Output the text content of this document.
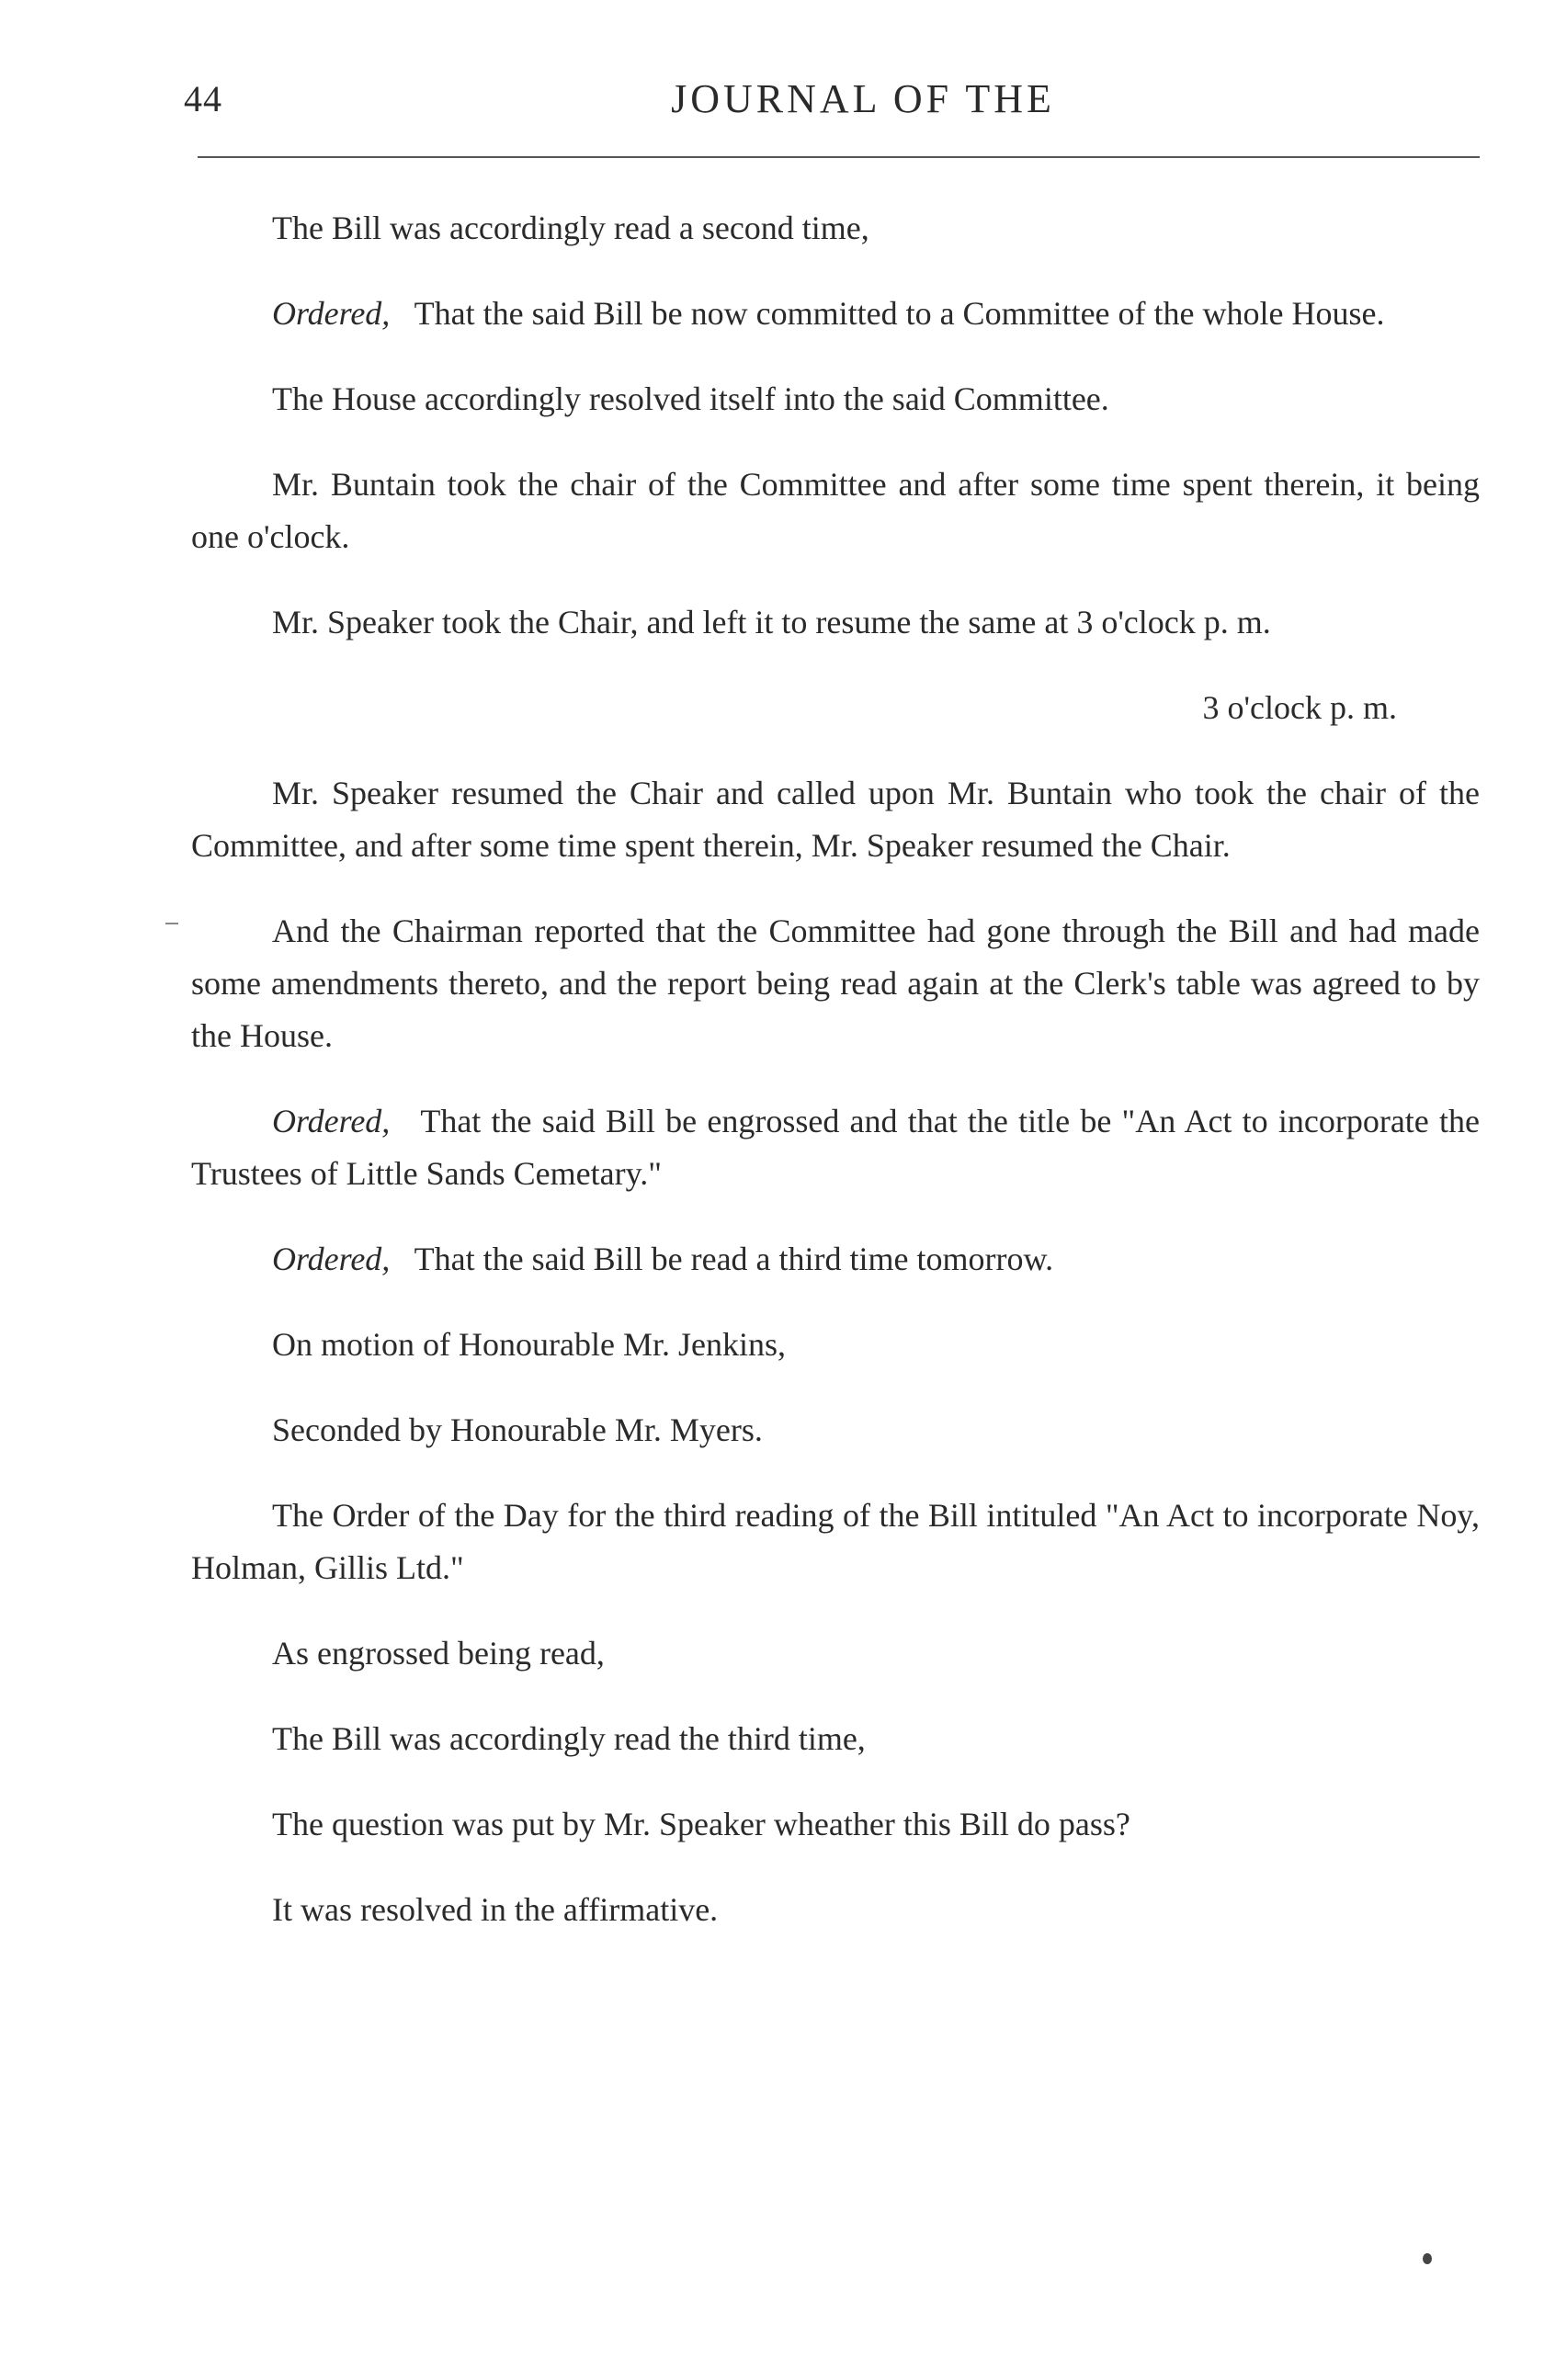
44	JOURNAL OF THE

The Bill was accordingly read a second time,

Ordered, That the said Bill be now committed to a Committee of the whole House.

The House accordingly resolved itself into the said Committee.

Mr. Buntain took the chair of the Committee and after some time spent therein, it being one o'clock.

Mr. Speaker took the Chair, and left it to resume the same at 3 o'clock p. m.

3 o'clock p. m.

Mr. Speaker resumed the Chair and called upon Mr. Buntain who took the chair of the Committee, and after some time spent therein, Mr. Speaker resumed the Chair.

And the Chairman reported that the Committee had gone through the Bill and had made some amendments thereto, and the report being read again at the Clerk's table was agreed to by the House.

Ordered, That the said Bill be engrossed and that the title be "An Act to incorporate the Trustees of Little Sands Cemetary."

Ordered, That the said Bill be read a third time tomorrow.

On motion of Honourable Mr. Jenkins,

Seconded by Honourable Mr. Myers.

The Order of the Day for the third reading of the Bill intituled "An Act to incorporate Noy, Holman, Gillis Ltd."

As engrossed being read,

The Bill was accordingly read the third time,

The question was put by Mr. Speaker wheather this Bill do pass?

It was resolved in the affirmative.
